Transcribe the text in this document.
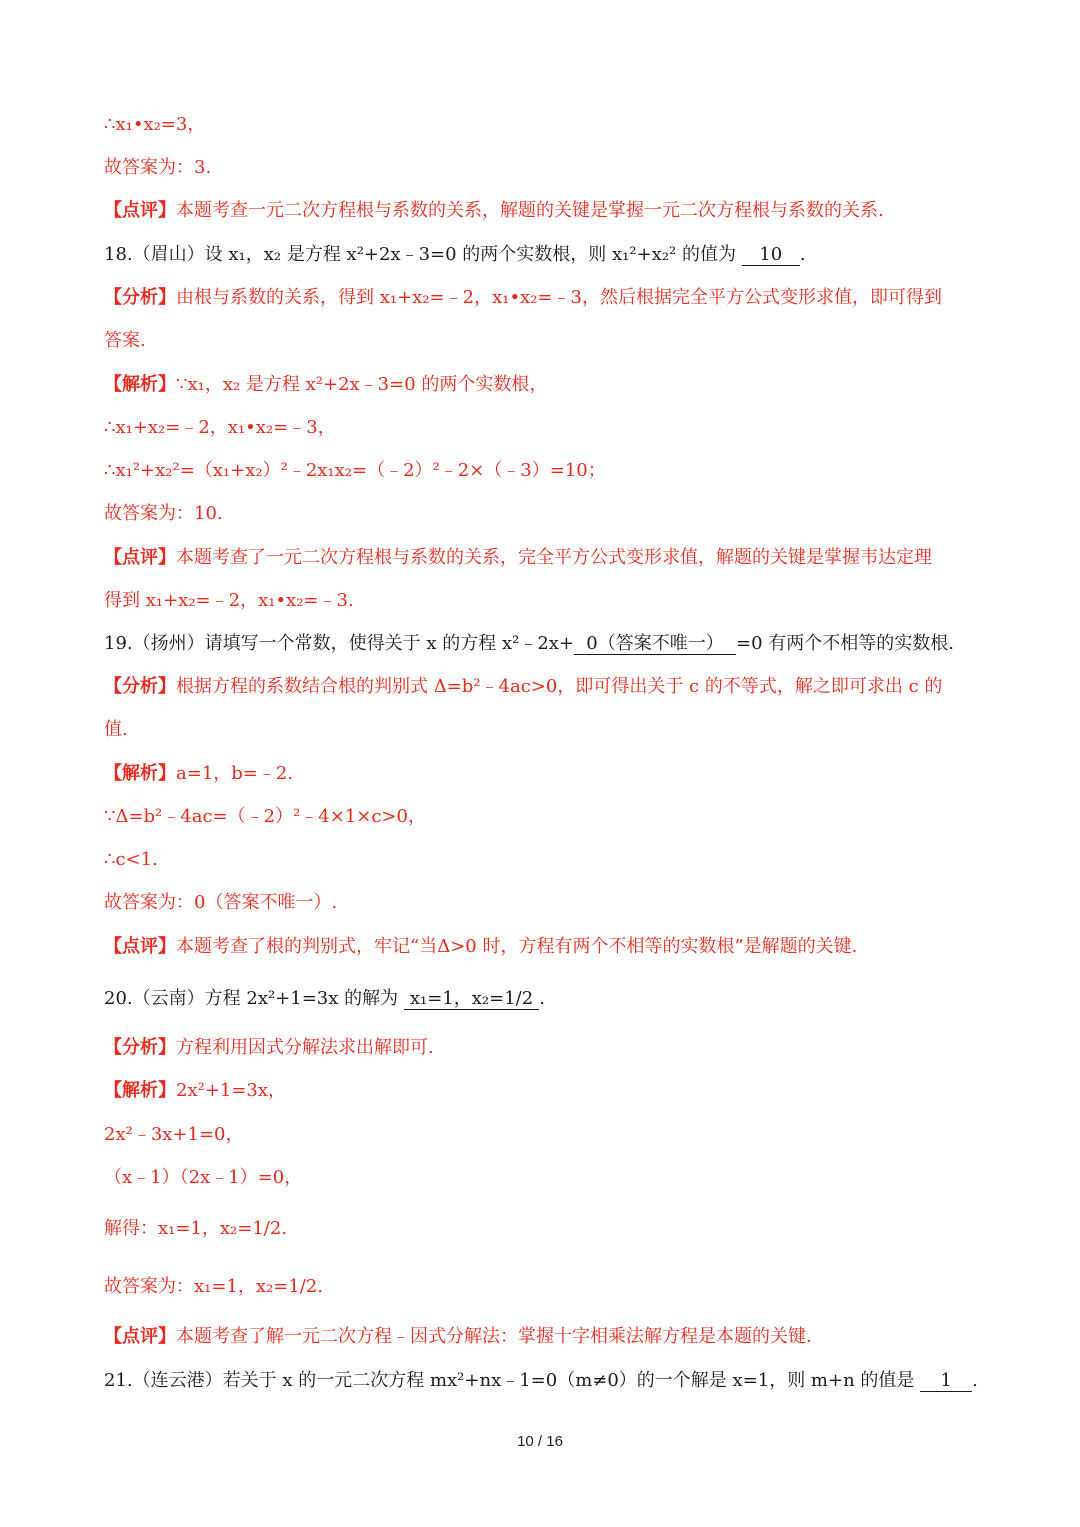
∴x₁•x₂=3，
故答案为：3.
【点评】本题考查一元二次方程根与系数的关系，解题的关键是掌握一元二次方程根与系数的关系.
18.（眉山）设 x₁，x₂ 是方程 x²+2x﹣3=0 的两个实数根，则 x₁²+x₂² 的值为 10 .
【分析】由根与系数的关系，得到 x₁+x₂=﹣2，x₁•x₂=﹣3，然后根据完全平方公式变形求值，即可得到
答案.
【解析】∵x₁，x₂ 是方程 x²+2x﹣3=0 的两个实数根，
∴x₁+x₂=﹣2，x₁•x₂=﹣3，
∴x₁²+x₂²=（x₁+x₂）²﹣2x₁x₂=（﹣2）²﹣2×（﹣3）=10；
故答案为：10.
【点评】本题考查了一元二次方程根与系数的关系，完全平方公式变形求值，解题的关键是掌握韦达定理
得到 x₁+x₂=﹣2，x₁•x₂=﹣3.
19.（扬州）请填写一个常数，使得关于 x 的方程 x²﹣2x+ 0（答案不唯一） =0 有两个不相等的实数根.
【分析】根据方程的系数结合根的判别式 Δ=b²﹣4ac>0，即可得出关于 c 的不等式，解之即可求出 c 的
值.
【解析】a=1，b=﹣2.
∵Δ=b²﹣4ac=（﹣2）²﹣4×1×c>0，
∴c<1.
故答案为：0（答案不唯一）.
【点评】本题考查了根的判别式，牢记“当Δ>0 时，方程有两个不相等的实数根”是解题的关键.
20.（云南）方程 2x²+1=3x 的解为 x₁=1，x₂=1/2 .
【分析】方程利用因式分解法求出解即可.
【解析】2x²+1=3x，
2x²﹣3x+1=0，
（x﹣1）（2x﹣1）=0，
解得：x₁=1，x₂=1/2.
故答案为：x₁=1，x₂=1/2.
【点评】本题考查了解一元二次方程﹣因式分解法：掌握十字相乘法解方程是本题的关键.
21.（连云港）若关于 x 的一元二次方程 mx²+nx﹣1=0（m≠0）的一个解是 x=1，则 m+n 的值是 1 .
10 / 16
